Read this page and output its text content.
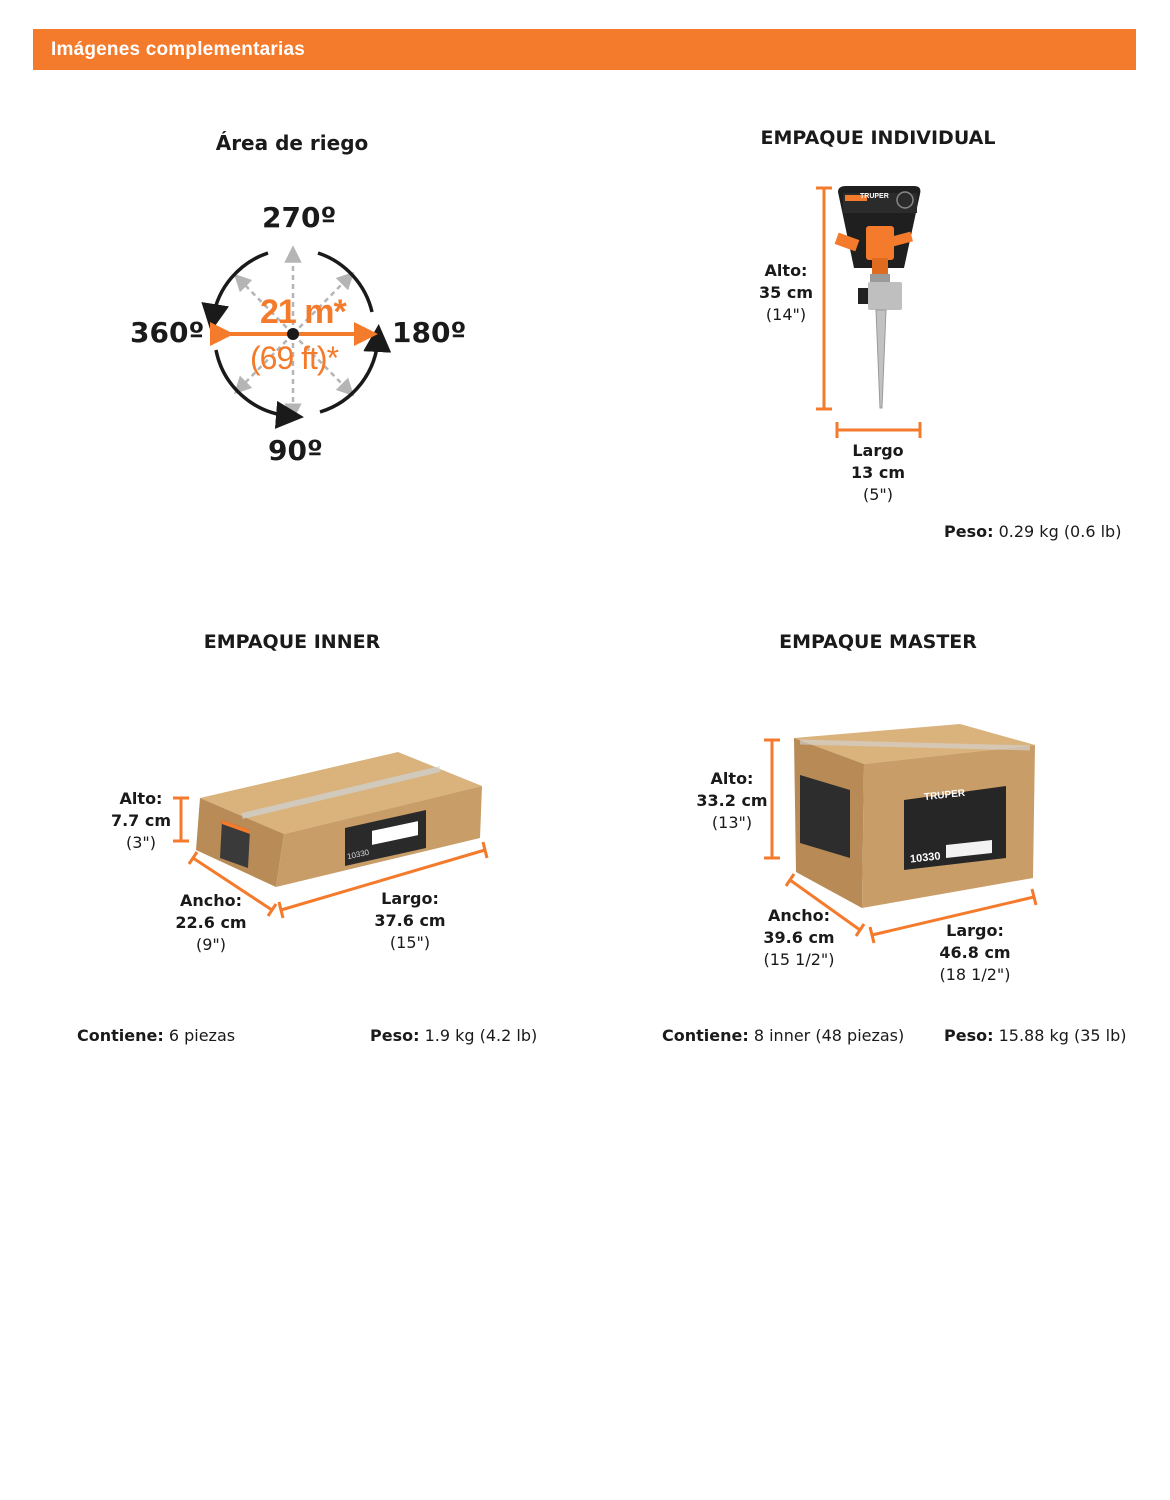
Imágenes complementarias
Área de riego
270º
360º	180º
90º
21 m*
(69 ft)*
EMPAQUE INDIVIDUAL
Alto:
35 cm
(14")
Largo
13 cm
(5")
Peso: 0.29 kg (0.6 lb)
EMPAQUE INNER
Alto:
7.7 cm
(3")
Ancho:
22.6 cm
(9")
Largo:
37.6 cm
(15")
Contiene: 6 piezas	Peso: 1.9 kg (4.2 lb)
EMPAQUE MASTER
TRUPER
10330
Alto:
33.2 cm
(13")
Ancho:
39.6 cm
(15 1/2")
Largo:
46.8 cm
(18 1/2")
Contiene: 8 inner (48 piezas) Peso: 15.88 kg (35 lb)
TRUPER
10330
